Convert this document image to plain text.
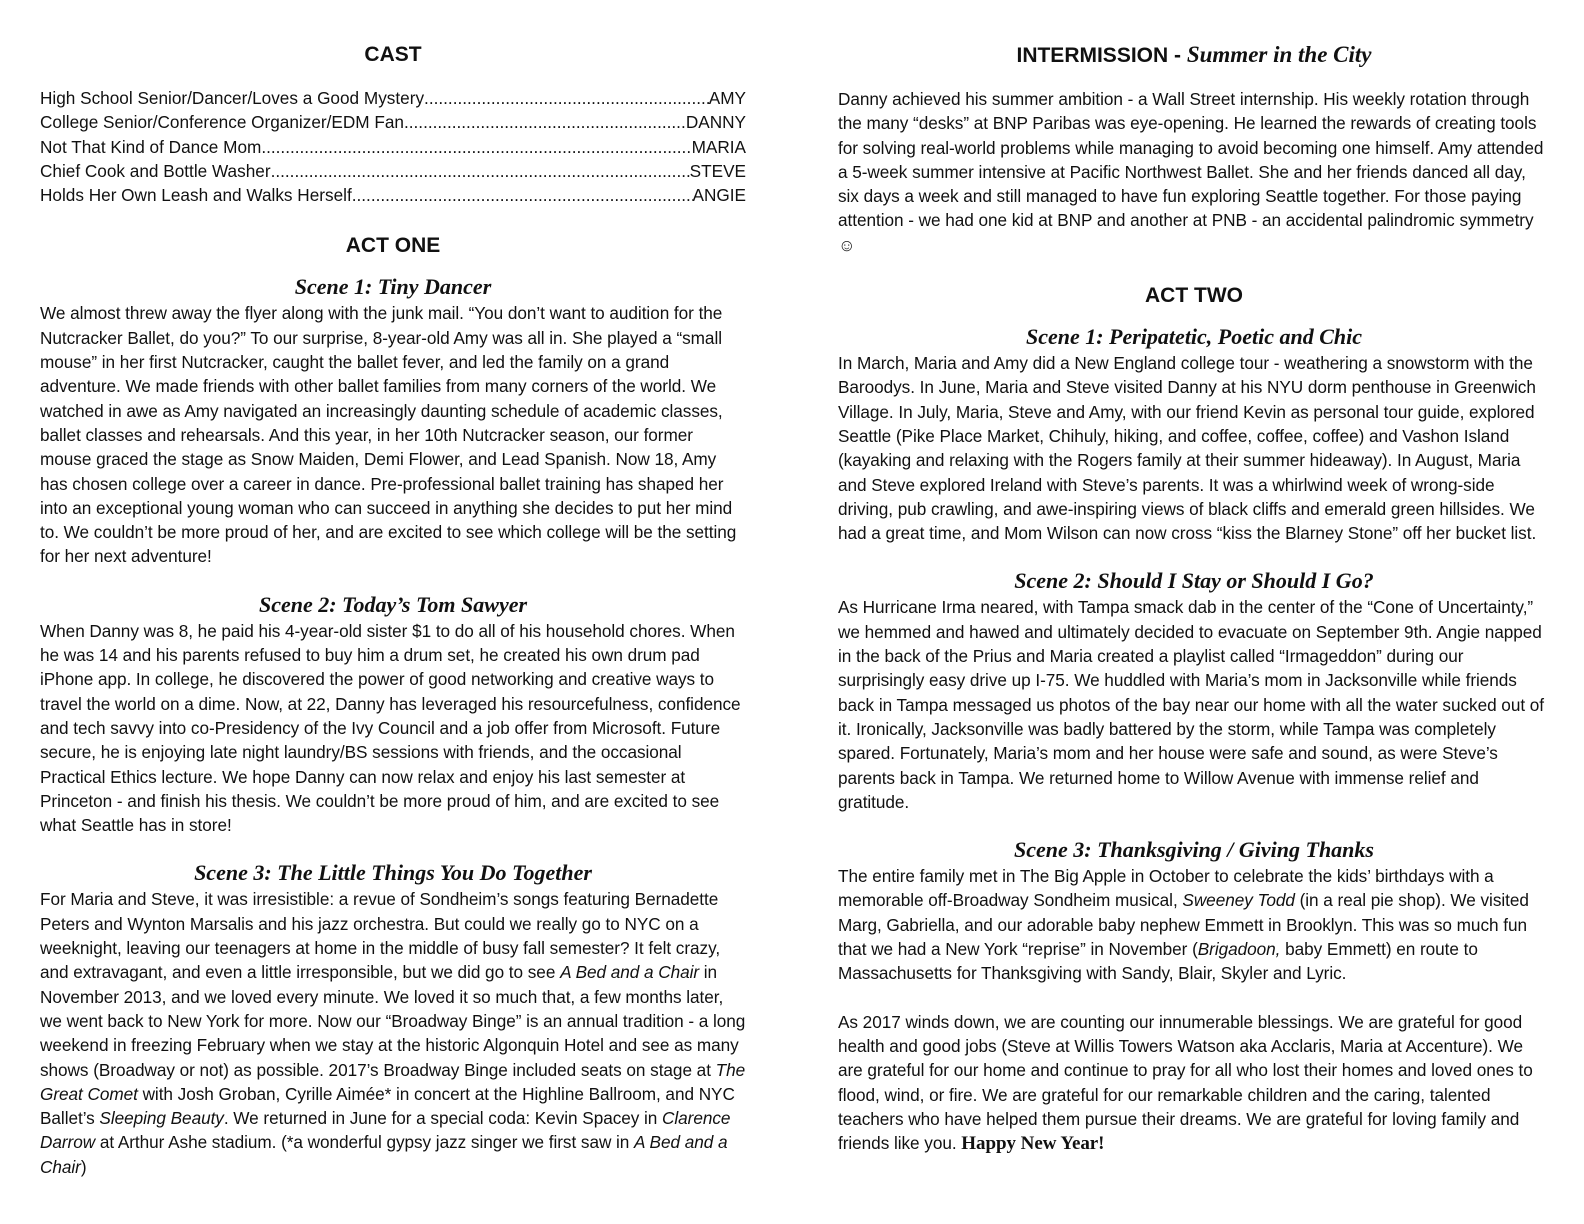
CAST
High School Senior/Dancer/Loves a Good Mystery .....	AMY
College Senior/Conference Organizer/EDM Fan .....	DANNY
Not That Kind of Dance Mom .....	MARIA
Chief Cook and Bottle Washer .....	STEVE
Holds Her Own Leash and Walks Herself .....	ANGIE
ACT ONE
Scene 1: Tiny Dancer

We almost threw away the flyer along with the junk mail. “You don’t want to audition for the Nutcracker Ballet, do you?” To our surprise, 8-year-old Amy was all in. She played a “small mouse” in her first Nutcracker, caught the ballet fever, and led the family on a grand adventure. We made friends with other ballet families from many corners of the world. We watched in awe as Amy navigated an increasingly daunting schedule of academic classes, ballet classes and rehearsals. And this year, in her 10th Nutcracker season, our former mouse graced the stage as Snow Maiden, Demi Flower, and Lead Spanish. Now 18, Amy has chosen college over a career in dance. Pre-professional ballet training has shaped her into an exceptional young woman who can succeed in anything she decides to put her mind to. We couldn’t be more proud of her, and are excited to see which college will be the setting for her next adventure!

Scene 2: Today’s Tom Sawyer

When Danny was 8, he paid his 4-year-old sister $1 to do all of his household chores. When he was 14 and his parents refused to buy him a drum set, he created his own drum pad iPhone app. In college, he discovered the power of good networking and creative ways to travel the world on a dime. Now, at 22, Danny has leveraged his resourcefulness, confidence and tech savvy into co-Presidency of the Ivy Council and a job offer from Microsoft. Future secure, he is enjoying late night laundry/BS sessions with friends, and the occasional Practical Ethics lecture. We hope Danny can now relax and enjoy his last semester at Princeton - and finish his thesis. We couldn’t be more proud of him, and are excited to see what Seattle has in store!

Scene 3: The Little Things You Do Together

For Maria and Steve, it was irresistible: a revue of Sondheim’s songs featuring Bernadette Peters and Wynton Marsalis and his jazz orchestra. But could we really go to NYC on a weeknight, leaving our teenagers at home in the middle of busy fall semester? It felt crazy, and extravagant, and even a little irresponsible, but we did go to see A Bed and a Chair in November 2013, and we loved every minute. We loved it so much that, a few months later, we went back to New York for more. Now our “Broadway Binge” is an annual tradition - a long weekend in freezing February when we stay at the historic Algonquin Hotel and see as many shows (Broadway or not) as possible. 2017’s Broadway Binge included seats on stage at The Great Comet with Josh Groban, Cyrille Aimée* in concert at the Highline Ballroom, and NYC Ballet’s Sleeping Beauty. We returned in June for a special coda: Kevin Spacey in Clarence Darrow at Arthur Ashe stadium. (*a wonderful gypsy jazz singer we first saw in A Bed and a Chair)

INTERMISSION - Summer in the City

Danny achieved his summer ambition - a Wall Street internship. His weekly rotation through the many “desks” at BNP Paribas was eye-opening. He learned the rewards of creating tools for solving real-world problems while managing to avoid becoming one himself. Amy attended a 5-week summer intensive at Pacific Northwest Ballet. She and her friends danced all day, six days a week and still managed to have fun exploring Seattle together. For those paying attention - we had one kid at BNP and another at PNB - an accidental palindromic symmetry ☺

ACT TWO
Scene 1: Peripatetic, Poetic and Chic

In March, Maria and Amy did a New England college tour - weathering a snowstorm with the Baroodys. In June, Maria and Steve visited Danny at his NYU dorm penthouse in Greenwich Village. In July, Maria, Steve and Amy, with our friend Kevin as personal tour guide, explored Seattle (Pike Place Market, Chihuly, hiking, and coffee, coffee, coffee) and Vashon Island (kayaking and relaxing with the Rogers family at their summer hideaway). In August, Maria and Steve explored Ireland with Steve’s parents. It was a whirlwind week of wrong-side driving, pub crawling, and awe-inspiring views of black cliffs and emerald green hillsides. We had a great time, and Mom Wilson can now cross “kiss the Blarney Stone” off her bucket list.

Scene 2: Should I Stay or Should I Go?

As Hurricane Irma neared, with Tampa smack dab in the center of the “Cone of Uncertainty,” we hemmed and hawed and ultimately decided to evacuate on September 9th. Angie napped in the back of the Prius and Maria created a playlist called “Irmageddon” during our surprisingly easy drive up I-75. We huddled with Maria’s mom in Jacksonville while friends back in Tampa messaged us photos of the bay near our home with all the water sucked out of it. Ironically, Jacksonville was badly battered by the storm, while Tampa was completely spared. Fortunately, Maria’s mom and her house were safe and sound, as were Steve’s parents back in Tampa. We returned home to Willow Avenue with immense relief and gratitude.

Scene 3: Thanksgiving / Giving Thanks

The entire family met in The Big Apple in October to celebrate the kids’ birthdays with a memorable off-Broadway Sondheim musical, Sweeney Todd (in a real pie shop). We visited Marg, Gabriella, and our adorable baby nephew Emmett in Brooklyn. This was so much fun that we had a New York “reprise” in November (Brigadoon, baby Emmett) en route to Massachusetts for Thanksgiving with Sandy, Blair, Skyler and Lyric.

As 2017 winds down, we are counting our innumerable blessings. We are grateful for good health and good jobs (Steve at Willis Towers Watson aka Acclaris, Maria at Accenture). We are grateful for our home and continue to pray for all who lost their homes and loved ones to flood, wind, or fire. We are grateful for our remarkable children and the caring, talented teachers who have helped them pursue their dreams. We are grateful for loving family and friends like you. Happy New Year!
